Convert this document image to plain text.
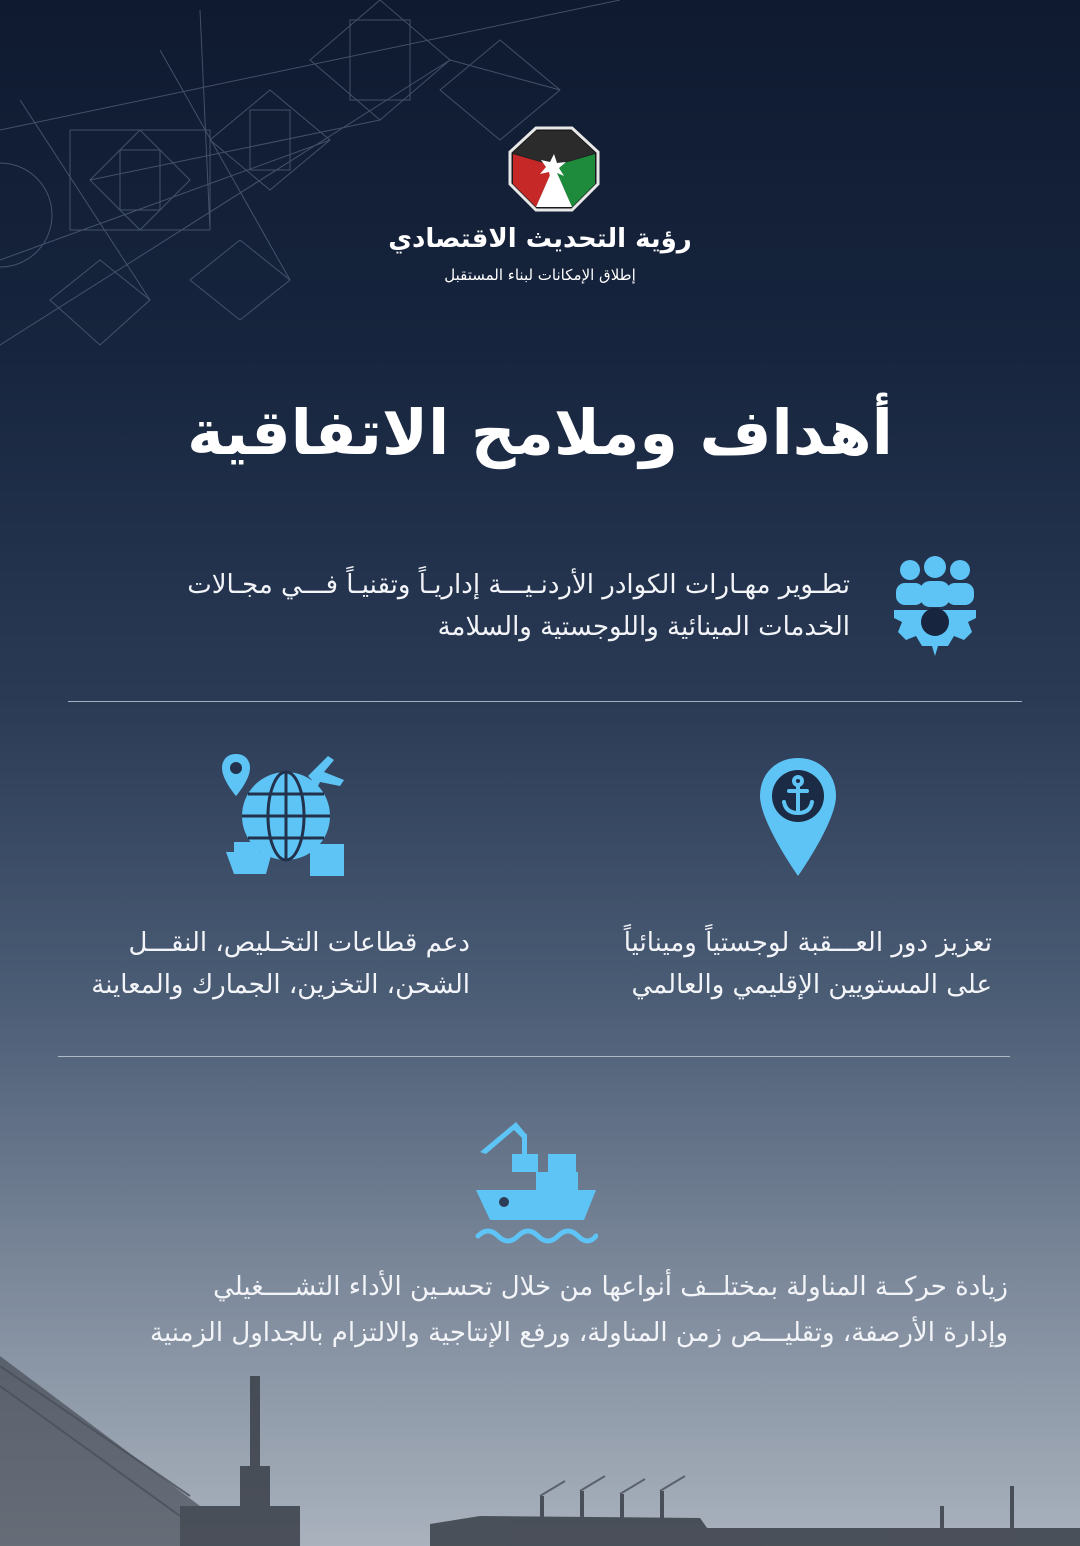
رؤية التحديث الاقتصادي
إطلاق الإمكانات لبناء المستقبل
أهداف وملامح الاتفاقية
تطـوير مهـارات الكوادر الأردنـيـــة إداريـاً وتقنيـاً فـــي مجـالات
الخدمات المينائية واللوجستية والسلامة
تعزيز دور العـــقبة لوجستياً ومينائياً
على المستويين الإقليمي والعالمي
دعم قطاعات التخـليص، النقـــل
الشحن، التخزين، الجمارك والمعاينة
زيادة حركــة المناولة بمختلــف أنواعها من خلال تحسـين الأداء التشــــغيلي
وإدارة الأرصفة، وتقليـــص زمن المناولة، ورفع الإنتاجية والالتزام بالجداول الزمنية
